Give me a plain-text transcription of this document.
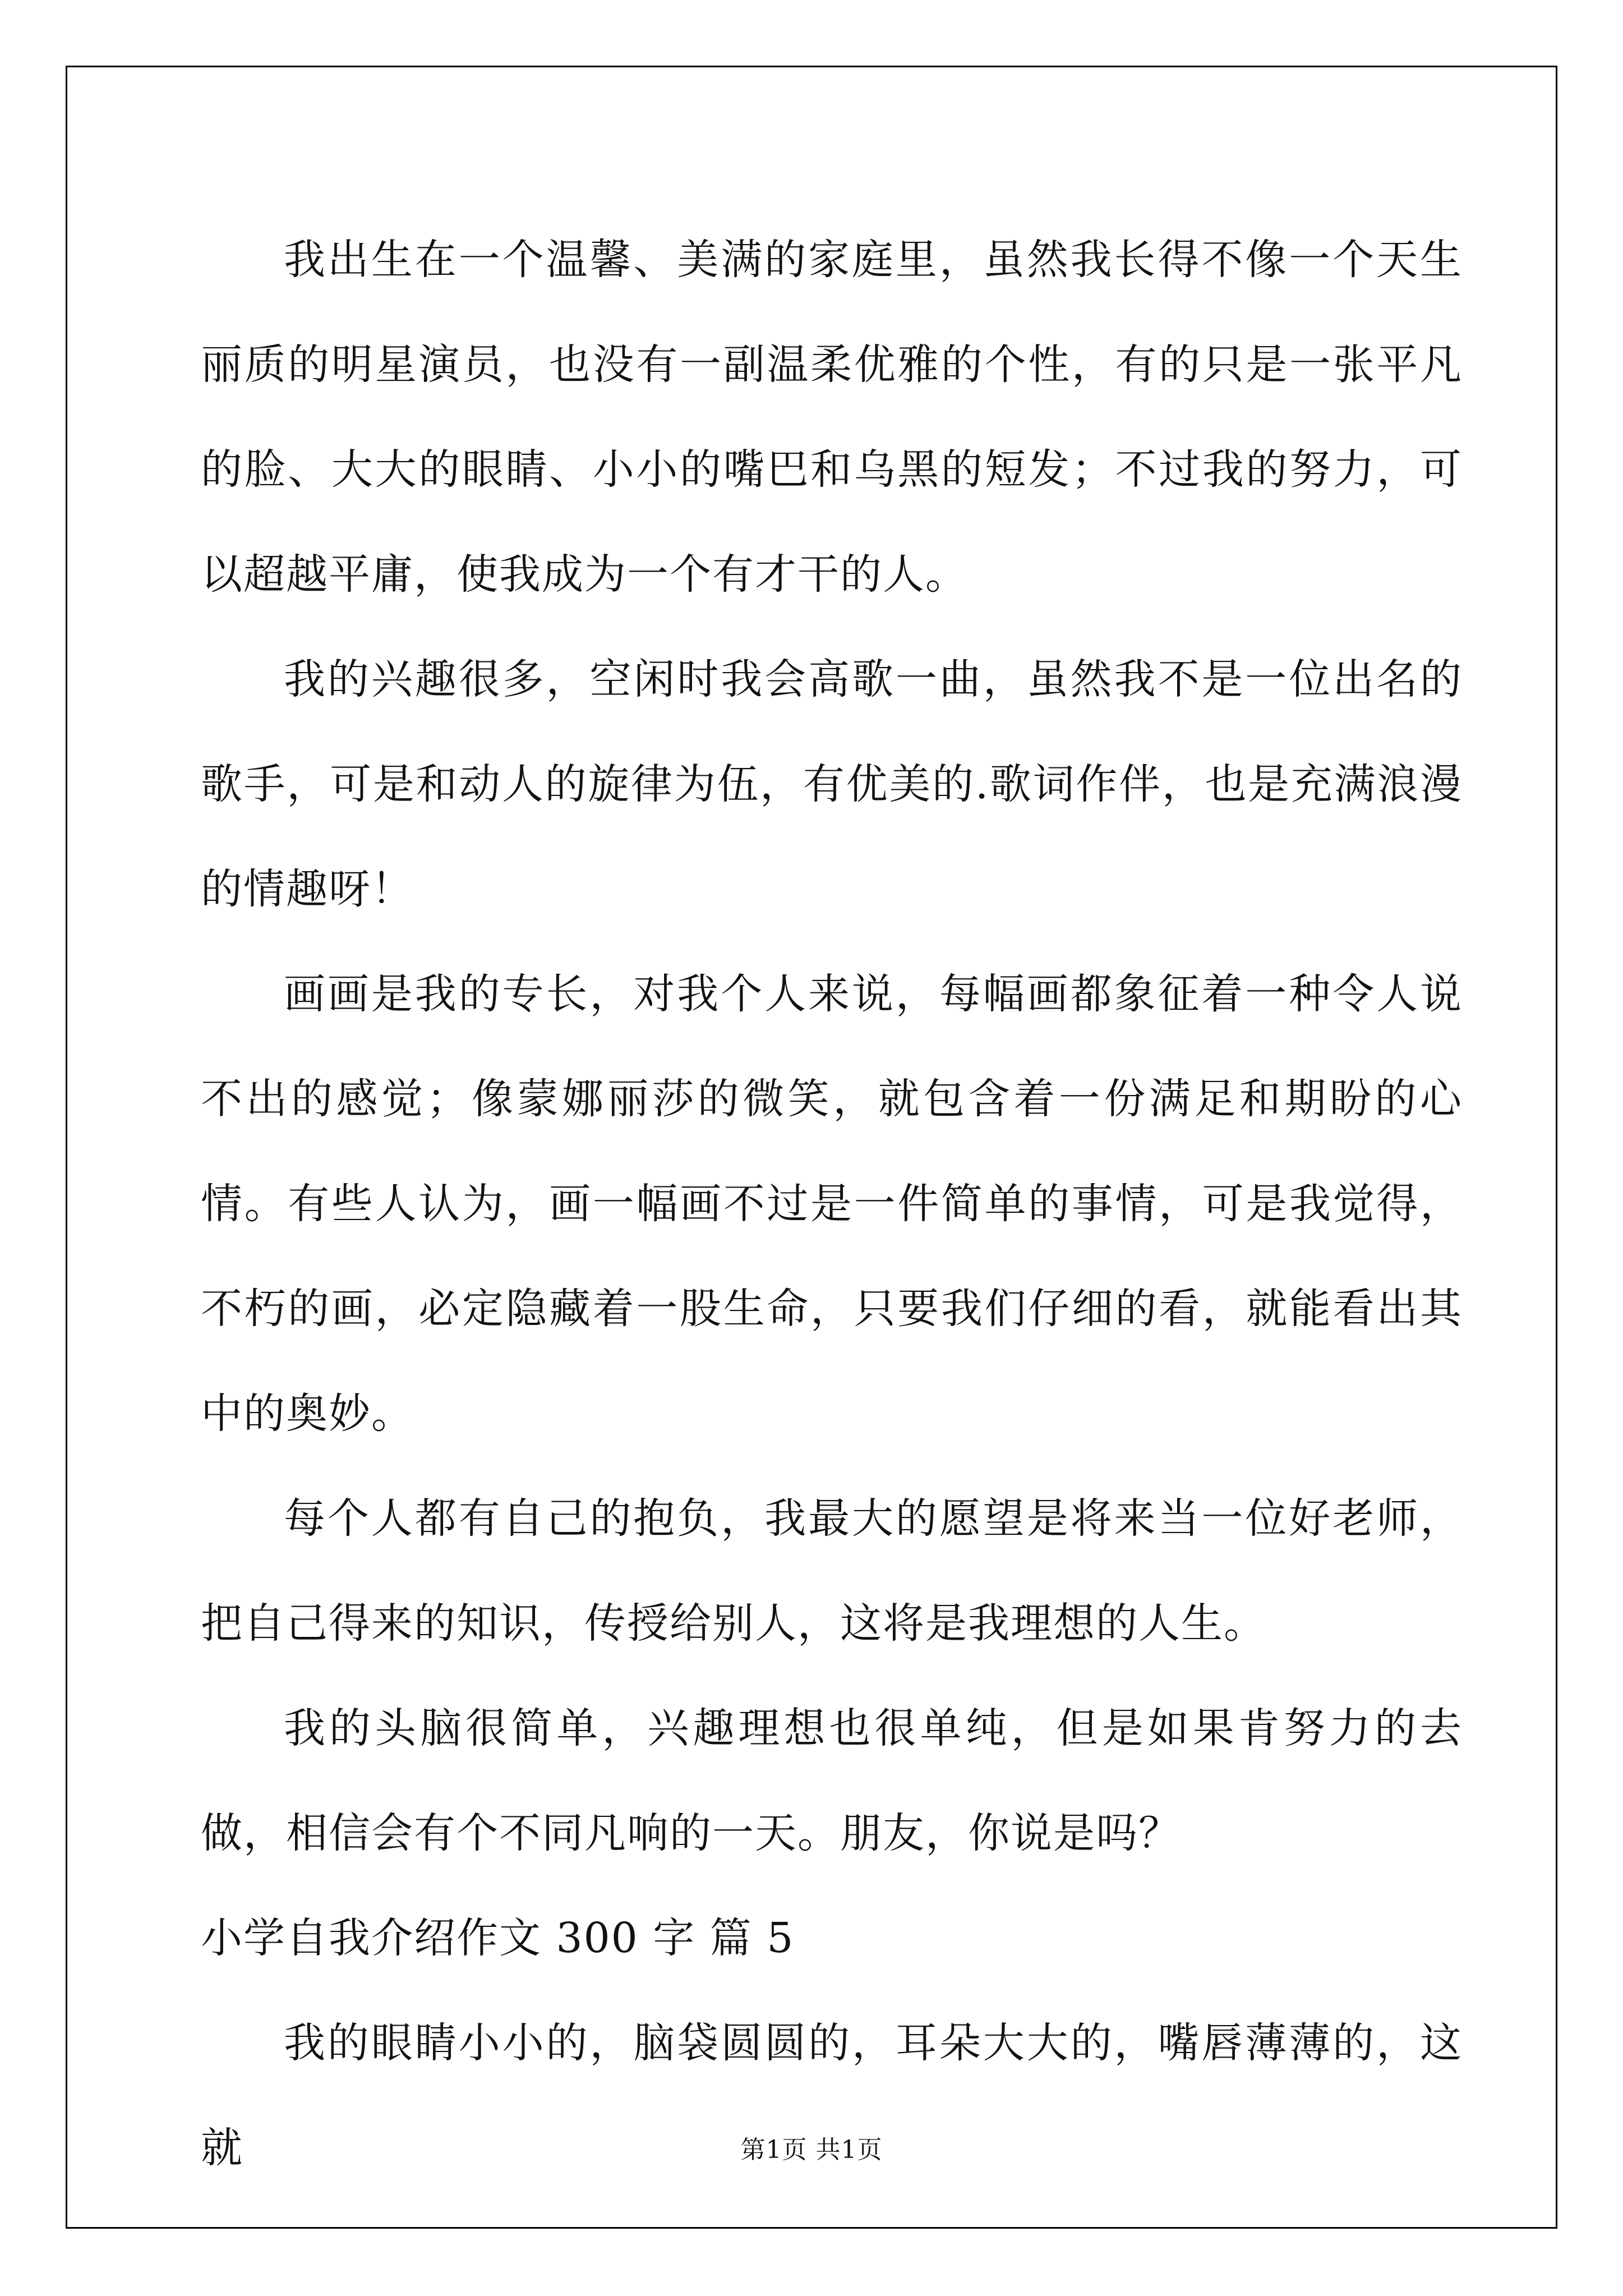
我出生在一个温馨、美满的家庭里，虽然我长得不像一个天生丽质的明星演员，也没有一副温柔优雅的个性，有的只是一张平凡的脸、大大的眼睛、小小的嘴巴和乌黑的短发；不过我的努力，可以超越平庸，使我成为一个有才干的人。

我的兴趣很多，空闲时我会高歌一曲，虽然我不是一位出名的歌手，可是和动人的旋律为伍，有优美的.歌词作伴，也是充满浪漫的情趣呀！

画画是我的专长，对我个人来说，每幅画都象征着一种令人说不出的感觉；像蒙娜丽莎的微笑，就包含着一份满足和期盼的心情。有些人认为，画一幅画不过是一件简单的事情，可是我觉得，不朽的画，必定隐藏着一股生命，只要我们仔细的看，就能看出其中的奥妙。

每个人都有自己的抱负，我最大的愿望是将来当一位好老师，把自己得来的知识，传授给别人，这将是我理想的人生。

我的头脑很简单，兴趣理想也很单纯，但是如果肯努力的去做，相信会有个不同凡响的一天。朋友，你说是吗？

小学自我介绍作文 300 字 篇 5

我的眼睛小小的，脑袋圆圆的，耳朵大大的，嘴唇薄薄的，这就	第1页 共1页
